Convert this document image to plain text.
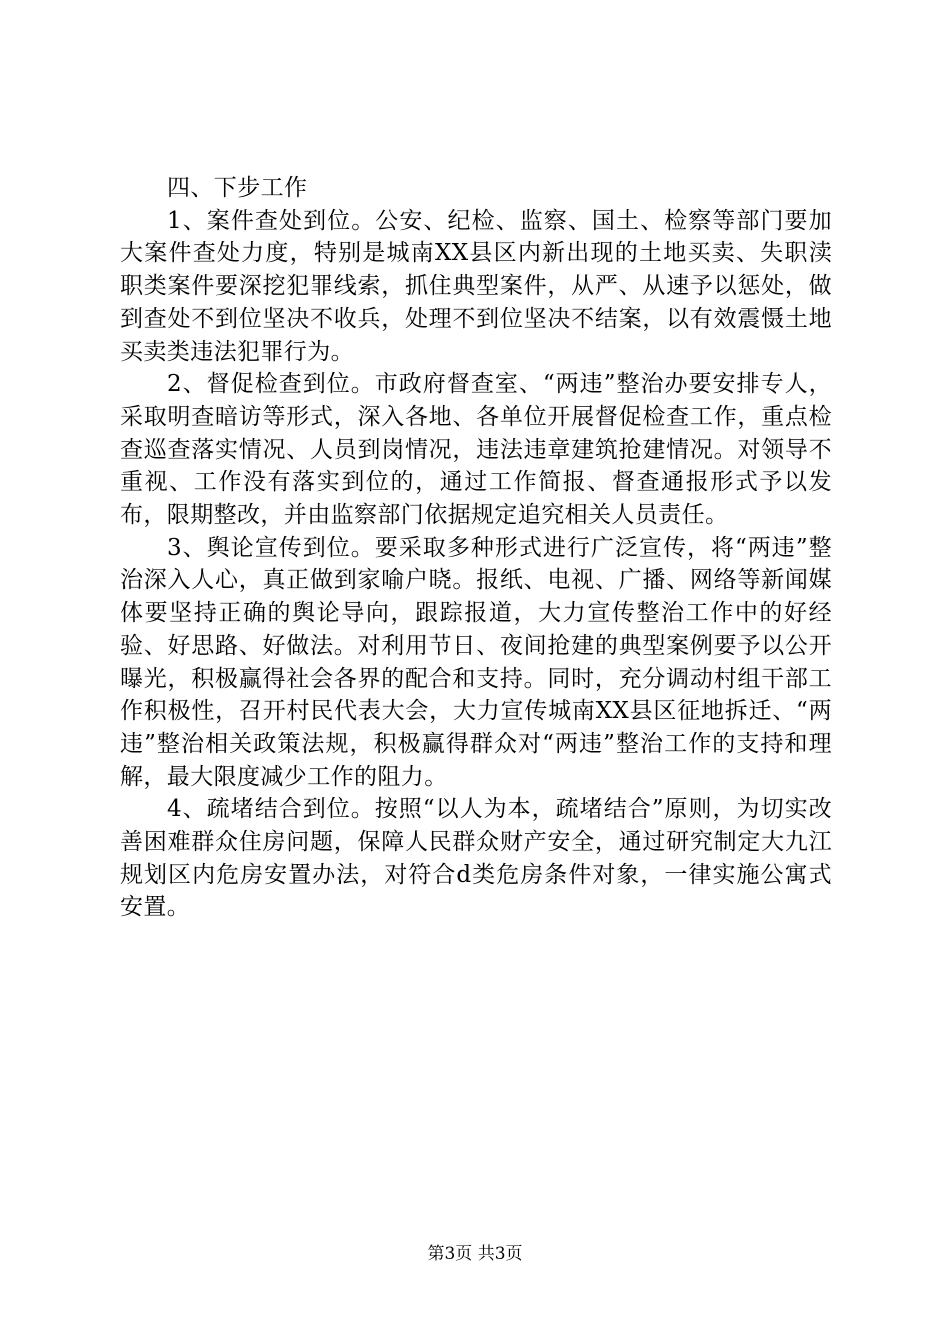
四、下步工作

1、案件查处到位。公安、纪检、监察、国土、检察等部门要加大案件查处力度，特别是城南XX县区内新出现的土地买卖、失职渎职类案件要深挖犯罪线索，抓住典型案件，从严、从速予以惩处，做到查处不到位坚决不收兵，处理不到位坚决不结案，以有效震慑土地买卖类违法犯罪行为。

2、督促检查到位。市政府督查室、“两违”整治办要安排专人，采取明查暗访等形式，深入各地、各单位开展督促检查工作，重点检查巡查落实情况、人员到岗情况，违法违章建筑抢建情况。对领导不重视、工作没有落实到位的，通过工作简报、督查通报形式予以发布，限期整改，并由监察部门依据规定追究相关人员责任。

3、舆论宣传到位。要采取多种形式进行广泛宣传，将“两违”整治深入人心，真正做到家喻户晓。报纸、电视、广播、网络等新闻媒体要坚持正确的舆论导向，跟踪报道，大力宣传整治工作中的好经验、好思路、好做法。对利用节日、夜间抢建的典型案例要予以公开曝光，积极赢得社会各界的配合和支持。同时，充分调动村组干部工作积极性，召开村民代表大会，大力宣传城南XX县区征地拆迁、“两违”整治相关政策法规，积极赢得群众对“两违”整治工作的支持和理解，最大限度减少工作的阻力。

4、疏堵结合到位。按照“以人为本，疏堵结合”原则，为切实改善困难群众住房问题，保障人民群众财产安全，通过研究制定大九江规划区内危房安置办法，对符合d类危房条件对象，一律实施公寓式安置。

第3页 共3页
